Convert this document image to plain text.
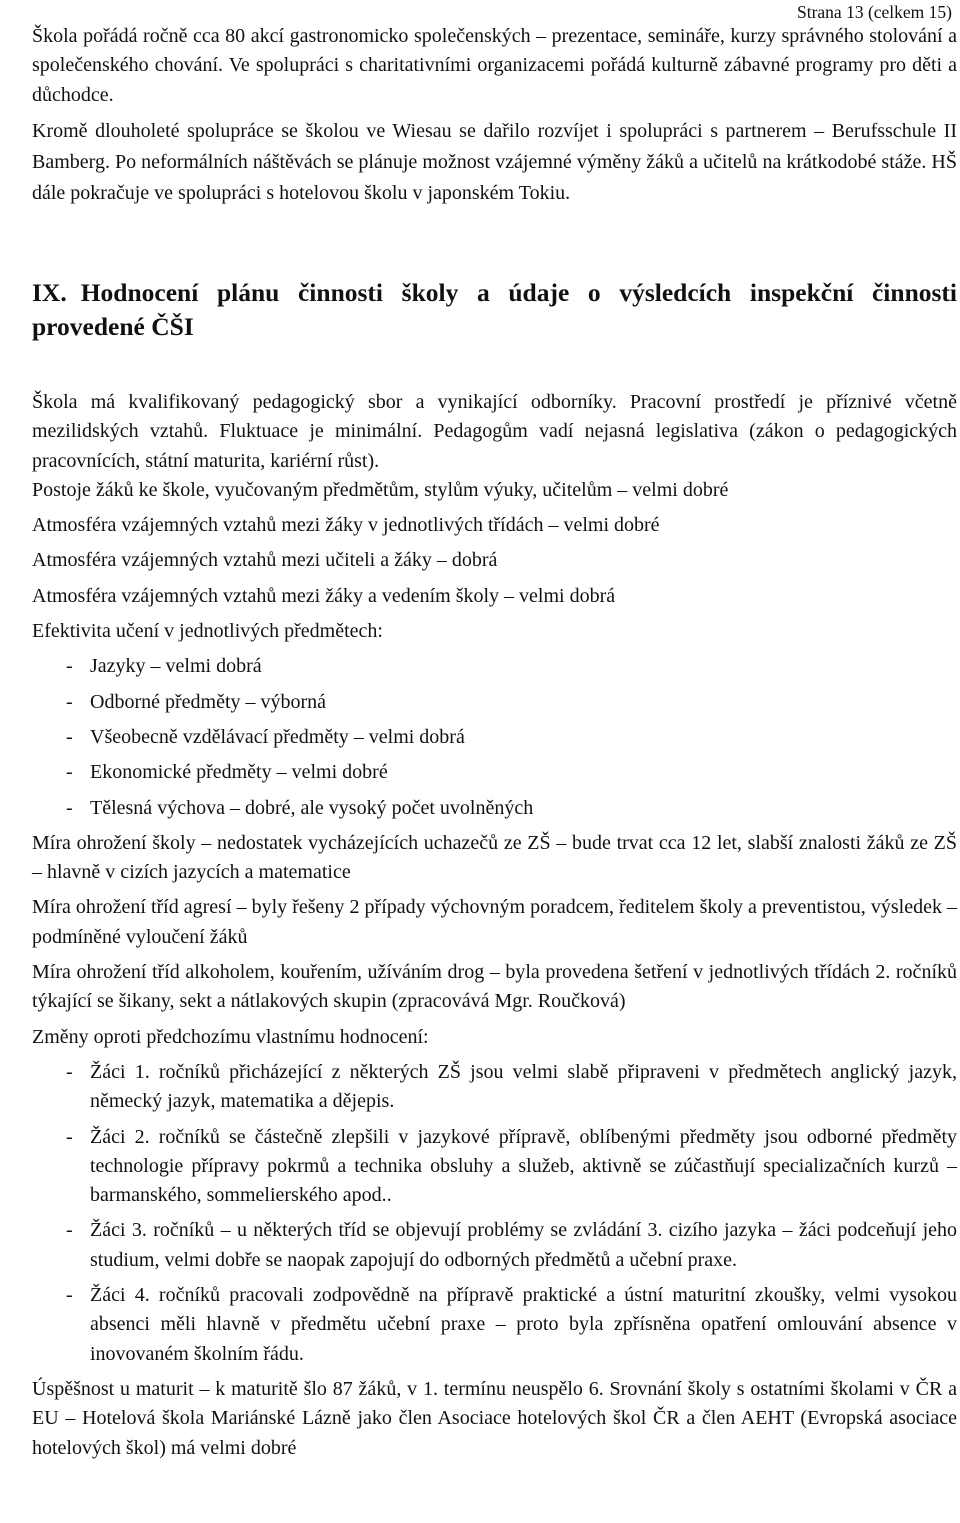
Strana 13 (celkem 15)

Škola pořádá ročně cca 80 akcí gastronomicko společenských – prezentace, semináře, kurzy správného stolování a společenského chování. Ve spolupráci s charitativními organizacemi pořádá kulturně zábavné programy pro děti a důchodce.

Kromě dlouholeté spolupráce se školou ve Wiesau se dařilo rozvíjet i spolupráci s partnerem – Berufsschule II Bamberg. Po neformálních náštěvách se plánuje možnost vzájemné výměny žáků a učitelů na krátkodobé stáže. HŠ dále pokračuje ve spolupráci s hotelovou školu v japonském Tokiu.

IX. Hodnocení plánu činnosti školy a údaje o výsledcích inspekční činnosti provedené ČŠI

Škola má kvalifikovaný pedagogický sbor a vynikající odborníky. Pracovní prostředí je příznivé včetně mezilidských vztahů. Fluktuace je minimální. Pedagogům vadí nejasná legislativa (zákon o pedagogických pracovnících, státní maturita, kariérní růst).

Postoje žáků ke škole, vyučovaným předmětům, stylům výuky, učitelům – velmi dobré

Atmosféra vzájemných vztahů mezi žáky v jednotlivých třídách – velmi dobré

Atmosféra vzájemných vztahů mezi učiteli a žáky – dobrá

Atmosféra vzájemných vztahů mezi žáky a vedením školy – velmi dobrá

Efektivita učení v jednotlivých předmětech:

- Jazyky – velmi dobrá
- Odborné předměty – výborná
- Všeobecně vzdělávací předměty – velmi dobrá
- Ekonomické předměty – velmi dobré
- Tělesná výchova – dobré, ale vysoký počet uvolněných

Míra ohrožení školy – nedostatek vycházejících uchazečů ze ZŠ – bude trvat cca 12 let, slabší znalosti žáků ze ZŠ – hlavně v cizích jazycích a matematice

Míra ohrožení tříd agresí – byly řešeny 2 případy výchovným poradcem, ředitelem školy a preventistou, výsledek – podmíněné vyloučení žáků

Míra ohrožení tříd alkoholem, kouřením, užíváním drog – byla provedena šetření v jednotlivých třídách 2. ročníků týkající se šikany, sekt a nátlakových skupin (zpracovává Mgr. Roučková)

Změny oproti předchozímu vlastnímu hodnocení:

- Žáci 1. ročníků přicházející z některých ZŠ jsou velmi slabě připraveni v předmětech anglický jazyk, německý jazyk, matematika a dějepis.
- Žáci 2. ročníků se částečně zlepšili v jazykové přípravě, oblíbenými předměty jsou odborné předměty technologie přípravy pokrmů a technika obsluhy a služeb, aktivně se zúčastňují specializačních kurzů – barmanského, sommelierského apod..
- Žáci 3. ročníků – u některých tříd se objevují problémy se zvládání 3. cizího jazyka – žáci podceňují jeho studium, velmi dobře se naopak zapojují do odborných předmětů a učební praxe.
- Žáci 4. ročníků pracovali zodpovědně na přípravě praktické a ústní maturitní zkoušky, velmi vysokou absenci měli hlavně v předmětu učební praxe – proto byla zpřísněna opatření omlouvání absence v inovovaném školním řádu.

Úspěšnost u maturit – k maturitě šlo 87 žáků, v 1. termínu neuspělo 6. Srovnání školy s ostatními školami v ČR a EU – Hotelová škola Mariánské Lázně jako člen Asociace hotelových škol ČR a člen AEHT (Evropská asociace hotelových škol) má velmi dobré
